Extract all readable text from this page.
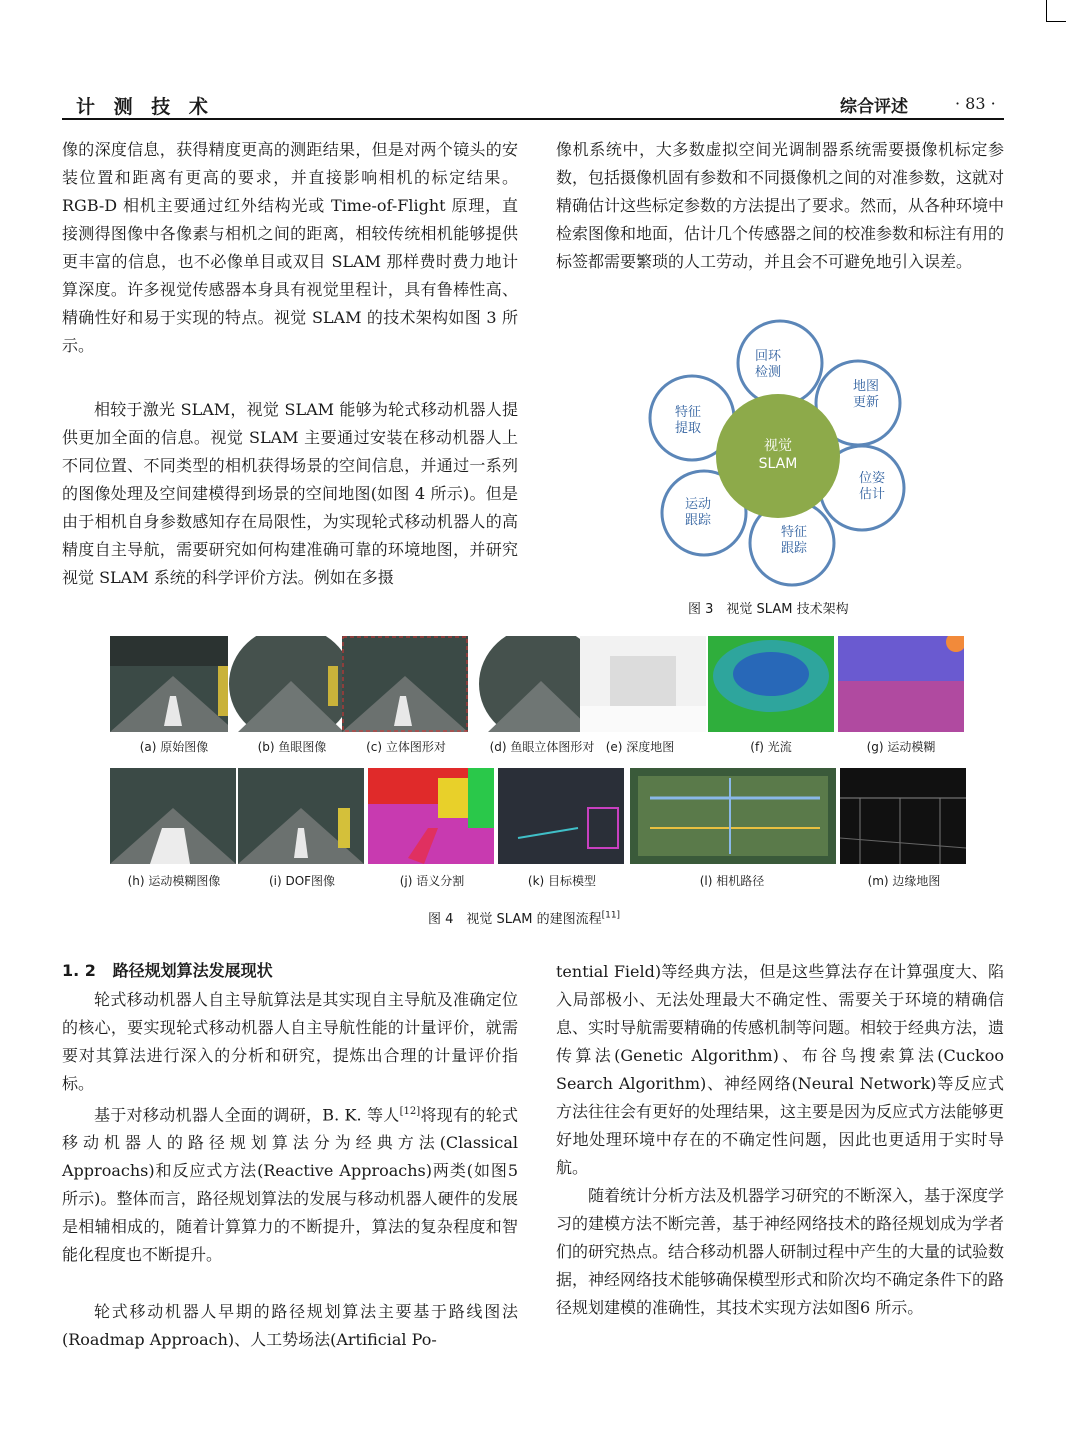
计 测 技 术	综合评述	· 83 ·

像的深度信息，获得精度更高的测距结果，但是对两个镜头的安装位置和距离有更高的要求，并直接影响相机的标定结果。RGB-D 相机主要通过红外结构光或 Time-of-Flight 原理，直接测得图像中各像素与相机之间的距离，相较传统相机能够提供更丰富的信息，也不必像单目或双目 SLAM 那样费时费力地计算深度。许多视觉传感器本身具有视觉里程计，具有鲁棒性高、精确性好和易于实现的特点。视觉 SLAM 的技术架构如图 3 所示。

相较于激光 SLAM，视觉 SLAM 能够为轮式移动机器人提供更加全面的信息。视觉 SLAM 主要通过安装在移动机器人上不同位置、不同类型的相机获得场景的空间信息，并通过一系列的图像处理及空间建模得到场景的空间地图(如图 4 所示)。但是由于相机自身参数感知存在局限性，为实现轮式移动机器人的高精度自主导航，需要研究如何构建准确可靠的环境地图，并研究视觉 SLAM 系统的科学评价方法。例如在多摄

像机系统中，大多数虚拟空间光调制器系统需要摄像机标定参数，包括摄像机固有参数和不同摄像机之间的对准参数，这就对精确估计这些标定参数的方法提出了要求。然而，从各种环境中检索图像和地面，估计几个传感器之间的校准参数和标注有用的标签都需要繁琐的人工劳动，并且会不可避免地引入误差。

视觉
SLAM
回环
检测
地图
更新
位姿
估计
特征
跟踪
运动
跟踪
特征
提取
图 3　视觉 SLAM 技术架构
(a) 原始图像	(b) 鱼眼图像	(c) 立体图形对	(d) 鱼眼立体图形对 (e) 深度地图	(f) 光流	(g) 运动模糊
(h) 运动模糊图像	(i) DOF图像	(j) 语义分割	(k) 目标模型	(l) 相机路径	(m) 边缘地图
图 4　视觉 SLAM 的建图流程[11]
1. 2 路径规划算法发展现状

轮式移动机器人自主导航算法是其实现自主导航及准确定位的核心，要实现轮式移动机器人自主导航性能的计量评价，就需要对其算法进行深入的分析和研究，提炼出合理的计量评价指标。

基于对移动机器人全面的调研，B. K. 等人[12]将现有的轮式移动机器人的路径规划算法分为经典方法(Classical Approachs)和反应式方法(Reactive Approachs)两类(如图5 所示)。整体而言，路径规划算法的发展与移动机器人硬件的发展是相辅相成的，随着计算算力的不断提升，算法的复杂程度和智能化程度也不断提升。

轮式移动机器人早期的路径规划算法主要基于路线图法(Roadmap Approach)、人工势场法(Artificial Po-

tential Field)等经典方法，但是这些算法存在计算强度大、陷入局部极小、无法处理最大不确定性、需要关于环境的精确信息、实时导航需要精确的传感机制等问题。相较于经典方法，遗传算法(Genetic Algorithm)、布谷鸟搜索算法(Cuckoo Search Algorithm)、神经网络(Neural Network)等反应式方法往往会有更好的处理结果，这主要是因为反应式方法能够更好地处理环境中存在的不确定性问题，因此也更适用于实时导航。

随着统计分析方法及机器学习研究的不断深入，基于深度学习的建模方法不断完善，基于神经网络技术的路径规划成为学者们的研究热点。结合移动机器人研制过程中产生的大量的试验数据，神经网络技术能够确保模型形式和阶次均不确定条件下的路径规划建模的准确性，其技术实现方法如图6 所示。
